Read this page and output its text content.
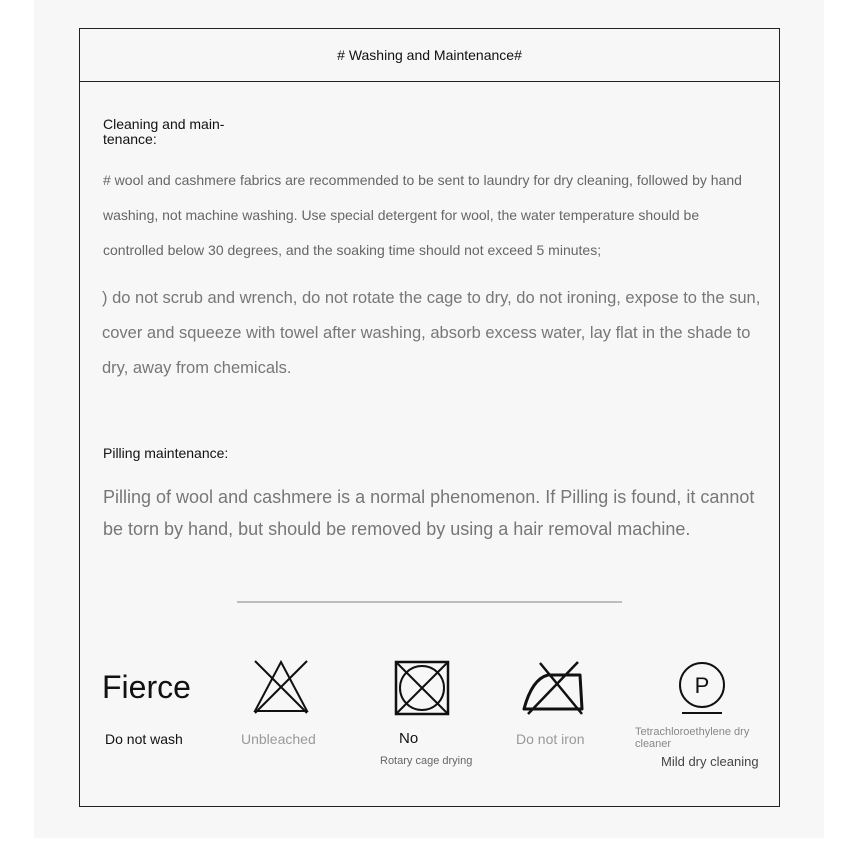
# Washing and Maintenance#
Cleaning and main-
tenance:
# wool and cashmere fabrics are recommended to be sent to laundry for dry cleaning, followed by hand washing, not machine washing. Use special detergent for wool, the water temperature should be controlled below 30 degrees, and the soaking time should not exceed 5 minutes;
) do not scrub and wrench, do not rotate the cage to dry, do not ironing, expose to the sun, cover and squeeze with towel after washing, absorb excess water, lay flat in the shade to dry, away from chemicals.
Pilling maintenance:
Pilling of wool and cashmere is a normal phenomenon. If Pilling is found, it cannot be torn by hand, but should be removed by using a hair removal machine.
Fierce
Do not wash	Unbleached	No
Rotary cage drying
Do not iron
P
Tetrachloroethylene dry cleaner
Mild dry cleaning
